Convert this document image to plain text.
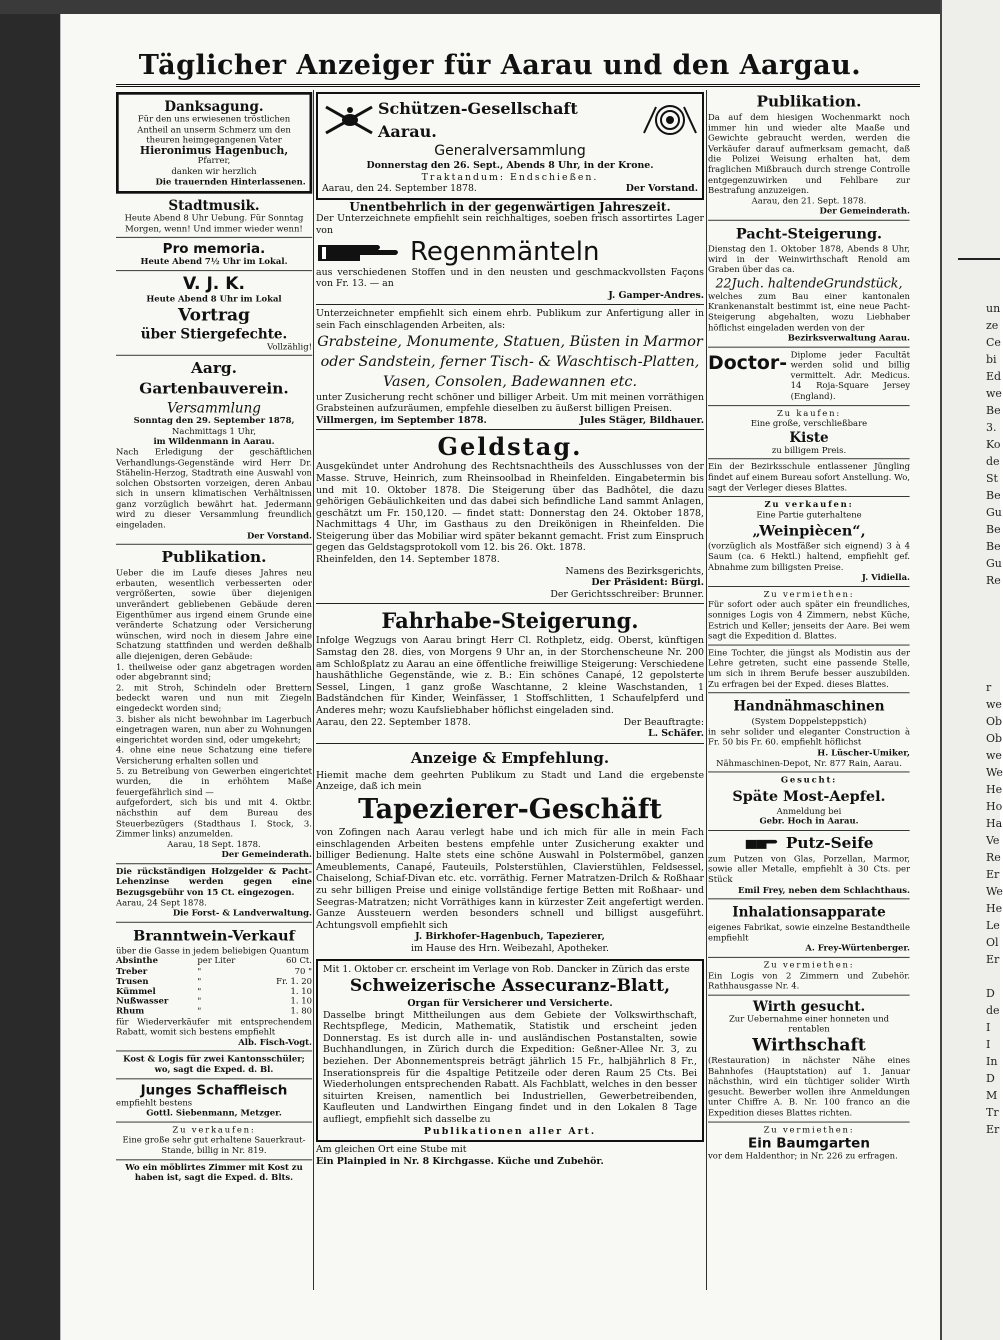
un
ze
Ce
bi
Ed
we
Be
3.
Ko
de
St
Be
Gu
Be
Be
Gu
Re
r
we
Ob
Ob
we
We
He
Ho
Ha
Ve
Re
Er
We
He
Le
Ol
Er

D
de
I
I
In
D
M
Tr
Er
Täglicher Anzeiger für Aarau und den Aargau.
Danksagung.
Für den uns erwiesenen tröstlichen Antheil an unserm Schmerz um den theuren heimgegangenen Vater
Hieronimus Hagenbuch,
Pfarrer,
danken wir herzlich
Die trauernden Hinterlassenen.
Stadtmusik.
Heute Abend 8 Uhr Uebung. Für Sonntag Morgen, wenn! Und immer wieder wenn!
Pro memoria.
Heute Abend 7½ Uhr im Lokal.
V. J. K.
Heute Abend 8 Uhr im Lokal
Vortrag
über Stiergefechte.
Vollzählig!
Aarg. Gartenbauverein.
Versammlung
Sonntag den 29. September 1878,
Nachmittags 1 Uhr,
im Wildenmann in Aarau.
Nach Erledigung der geschäftlichen Verhandlungs-Gegenstände wird Herr Dr. Stähelin-Herzog, Stadtrath eine Auswahl von solchen Obstsorten vorzeigen, deren Anbau sich in unsern klimatischen Verhältnissen ganz vorzüglich bewährt hat. Jedermann wird zu dieser Versammlung freundlich eingeladen.
Der Vorstand.
Publikation.
Ueber die im Laufe dieses Jahres neu erbauten, wesentlich verbesserten oder vergrößerten, sowie über diejenigen unverändert gebliebenen Gebäude deren Eigenthümer aus irgend einem Grunde eine veränderte Schatzung oder Versicherung wünschen, wird noch in diesem Jahre eine Schatzung stattfinden und werden deßhalb alle diejenigen, deren Gebäude:
1. theilweise oder ganz abgetragen worden oder abgebrannt sind;
2. mit Stroh, Schindeln oder Brettern bedeckt waren und nun mit Ziegeln eingedeckt worden sind;
3. bisher als nicht bewohnbar im Lagerbuch eingetragen waren, nun aber zu Wohnungen eingerichtet worden sind, oder umgekehrt;
4. ohne eine neue Schatzung eine tiefere Versicherung erhalten sollen und
5. zu Betreibung von Gewerben eingerichtet wurden, die in erhöhtem Maße feuergefährlich sind —
aufgefordert, sich bis und mit 4. Oktbr. nächsthin auf dem Bureau des Steuerbezügers (Stadthaus I. Stock, 3. Zimmer links) anzumelden.
Aarau, 18 Sept. 1878.
Der Gemeinderath.
Die rückständigen Holzgelder & Pacht-Lehenzinse werden gegen eine Bezugsgebühr von 15 Ct. eingezogen.
Aarau, 24 Sept 1878.
Die Forst- & Landverwaltung.
Branntwein-Verkauf
über die Gasse in jedem beliebigen Quantum
Absinthe	per Liter	60 Ct.
Treber	"	70 "
Trusen	"	Fr. 1. 20
Kümmel	"	1. 10
Nußwasser	"	1. 10
Rhum	"	1. 80
für Wiederverkäufer mit entsprechendem Rabatt, womit sich bestens empfiehlt
Alb. Fisch-Vogt.
Kost & Logis für zwei Kantonsschüler; wo, sagt die Exped. d. Bl.
Junges Schaffleisch
empfiehlt bestens
Gottl. Siebenmann, Metzger.
Zu verkaufen:
Eine große sehr gut erhaltene Sauerkraut-Stande, billig in Nr. 819.
Wo ein möblirtes Zimmer mit Kost zu haben ist, sagt die Exped. d. Blts.
Schützen-Gesellschaft Aarau.
Generalversammlung
Donnerstag den 26. Sept., Abends 8 Uhr, in der Krone.
Traktandum: Endschießen.
Aarau, den 24. September 1878.	Der Vorstand.
Unentbehrlich in der gegenwärtigen Jahreszeit.
Der Unterzeichnete empfiehlt sein reichhaltiges, soeben frisch assortirtes Lager von
Regenmänteln
aus verschiedenen Stoffen und in den neusten und geschmackvollsten Façons von Fr. 13. — an
J. Gamper-Andres.
Unterzeichneter empfiehlt sich einem ehrb. Publikum zur Anfertigung aller in sein Fach einschlagenden Arbeiten, als:
Grabsteine, Monumente, Statuen, Büsten in Marmor oder Sandstein, ferner Tisch- & Waschtisch-Platten, Vasen, Consolen, Badewannen etc.
unter Zusicherung recht schöner und billiger Arbeit. Um mit meinen vorräthigen Grabsteinen aufzuräumen, empfehle dieselben zu äußerst billigen Preisen.
Villmergen, im September 1878.	Jules Stäger, Bildhauer.
Geldstag.
Ausgekündet unter Androhung des Rechtsnachtheils des Ausschlusses von der Masse. Struve, Heinrich, zum Rheinsoolbad in Rheinfelden. Eingabetermin bis und mit 10. Oktober 1878. Die Steigerung über das Badhôtel, die dazu gehörigen Gebäulichkeiten und das dabei sich befindliche Land sammt Anlagen, geschätzt um Fr. 150,120. — findet statt: Donnerstag den 24. Oktober 1878, Nachmittags 4 Uhr, im Gasthaus zu den Dreikönigen in Rheinfelden. Die Steigerung über das Mobiliar wird später bekannt gemacht. Frist zum Einspruch gegen das Geldstagsprotokoll vom 12. bis 26. Okt. 1878.
Rheinfelden, den 14. September 1878.
Namens des Bezirksgerichts,
Der Präsident: Bürgi.
Der Gerichtsschreiber: Brunner.
Fahrhabe-Steigerung.
Infolge Wegzugs von Aarau bringt Herr Cl. Rothpletz, eidg. Oberst, künftigen Samstag den 28. dies, von Morgens 9 Uhr an, in der Storchenscheune Nr. 200 am Schloßplatz zu Aarau an eine öffentliche freiwillige Steigerung: Verschiedene haushäthliche Gegenstände, wie z. B.: Ein schönes Canapé, 12 gepolsterte Sessel, Lingen, 1 ganz große Waschtanne, 2 kleine Waschstanden, 1 Badständchen für Kinder, Weinfässer, 1 Stoffschlitten, 1 Schaufelpferd und Anderes mehr; wozu Kaufsliebhaber höflichst eingeladen sind.
Aarau, den 22. September 1878.	Der Beauftragte:
L. Schäfer.
Anzeige & Empfehlung.
Hiemit mache dem geehrten Publikum zu Stadt und Land die ergebenste Anzeige, daß ich mein
Tapezierer-Geschäft
von Zofingen nach Aarau verlegt habe und ich mich für alle in mein Fach einschlagenden Arbeiten bestens empfehle unter Zusicherung exakter und billiger Bedienung. Halte stets eine schöne Auswahl in Polstermöbel, ganzen Ameublements, Canapé, Fauteuils, Polsterstühlen, Clavierstühlen, Feldsessel, Chaiselong, Schiaf-Divan etc. etc. vorräthig. Ferner Matratzen-Drilch & Roßhaar zu sehr billigen Preise und einige vollständige fertige Betten mit Roßhaar- und Seegras-Matratzen; nicht Vorräthiges kann in kürzester Zeit angefertigt werden. Ganze Aussteuern werden besonders schnell und billigst ausgeführt. Achtungsvoll empfiehlt sich
J. Birkhofer-Hagenbuch, Tapezierer,
im Hause des Hrn. Weibezahl, Apotheker.
Mit 1. Oktober cr. erscheint im Verlage von Rob. Dancker in Zürich das erste
Schweizerische Assecuranz-Blatt,
Organ für Versicherer und Versicherte.
Dasselbe bringt Mittheilungen aus dem Gebiete der Volkswirthschaft, Rechtspflege, Medicin, Mathematik, Statistik und erscheint jeden Donnerstag. Es ist durch alle in- und ausländischen Postanstalten, sowie Buchhandlungen, in Zürich durch die Expedition: Geßner-Allee Nr. 3, zu beziehen. Der Abonnementspreis beträgt jährlich 15 Fr., halbjährlich 8 Fr., Inserationspreis für die 4spaltige Petitzeile oder deren Raum 25 Cts. Bei Wiederholungen entsprechenden Rabatt. Als Fachblatt, welches in den besser situirten Kreisen, namentlich bei Industriellen, Gewerbetreibenden, Kaufleuten und Landwirthen Eingang findet und in den Lokalen 8 Tage aufliegt, empfiehlt sich dasselbe zu
Publikationen aller Art.
Am gleichen Ort eine Stube mit
Ein Plainpied in Nr. 8 Kirchgasse. Küche und Zubehör.
Publikation.
Da auf dem hiesigen Wochenmarkt noch immer hin und wieder alte Maaße und Gewichte gebraucht werden, werden die Verkäufer darauf aufmerksam gemacht, daß die Polizei Weisung erhalten hat, dem fraglichen Mißbrauch durch strenge Controlle entgegenzuwirken und Fehlbare zur Bestrafung anzuzeigen.
Aarau, den 21. Sept. 1878.
Der Gemeinderath.
Pacht-Steigerung.
Dienstag den 1. Oktober 1878, Abends 8 Uhr, wird in der Weinwirthschaft Renold am Graben über das ca.
22Juch. haltendeGrundstück,
welches zum Bau einer kantonalen Krankenanstalt bestimmt ist, eine neue Pacht-Steigerung abgehalten, wozu Liebhaber höflichst eingeladen werden von der
Bezirksverwaltung Aarau.
Doctor- Diplome jeder Facultät werden solid und billig vermittelt. Adr. Medicus. 14 Roja-Square Jersey (England).
Zu kaufen:
Eine große, verschließbare
Kiste
zu billigem Preis.
Ein der Bezirksschule entlassener Jüngling findet auf einem Bureau sofort Anstellung. Wo, sagt der Verleger dieses Blattes.
Zu verkaufen:
Eine Partie guterhaltene
„Weinpiècen“,
(vorzüglich als Mostfäßer sich eignend) 3 à 4 Saum (ca. 6 Hektl.) haltend, empfiehlt gef. Abnahme zum billigsten Preise.
J. Vidiella.
Zu vermiethen:
Für sofort oder auch später ein freundliches, sonniges Logis von 4 Zimmern, nebst Küche, Estrich und Keller; jenseits der Aare. Bei wem sagt die Expedition d. Blattes.
Eine Tochter, die jüngst als Modistin aus der Lehre getreten, sucht eine passende Stelle, um sich in ihrem Berufe besser auszubilden. Zu erfragen bei der Exped. dieses Blattes.
Handnähmaschinen
(System Doppelsteppstich)
in sehr solider und eleganter Construction à Fr. 50 bis Fr. 60. empfiehlt höflichst
H. Lüscher-Umiker,
Nähmaschinen-Depot, Nr. 877 Rain, Aarau.
Gesucht:
Späte Most-Aepfel.
Anmeldung bei
Gebr. Hoch in Aarau.
Putz-Seife
zum Putzen von Glas, Porzellan, Marmor, sowie aller Metalle, empfiehlt à 30 Cts. per Stück
Emil Frey, neben dem Schlachthaus.
Inhalationsapparate
eigenes Fabrikat, sowie einzelne Bestandtheile empfiehlt
A. Frey-Würtenberger.
Zu vermiethen:
Ein Logis von 2 Zimmern und Zubehör. Rathhausgasse Nr. 4.
Wirth gesucht.
Zur Uebernahme einer honneten und rentablen
Wirthschaft
(Restauration) in nächster Nähe eines Bahnhofes (Hauptstation) auf 1. Januar nächsthin, wird ein tüchtiger solider Wirth gesucht. Bewerber wollen ihre Anmeldungen unter Chiffre A. B. Nr. 100 franco an die Expedition dieses Blattes richten.
Zu vermiethen:
Ein Baumgarten
vor dem Haldenthor; in Nr. 226 zu erfragen.
